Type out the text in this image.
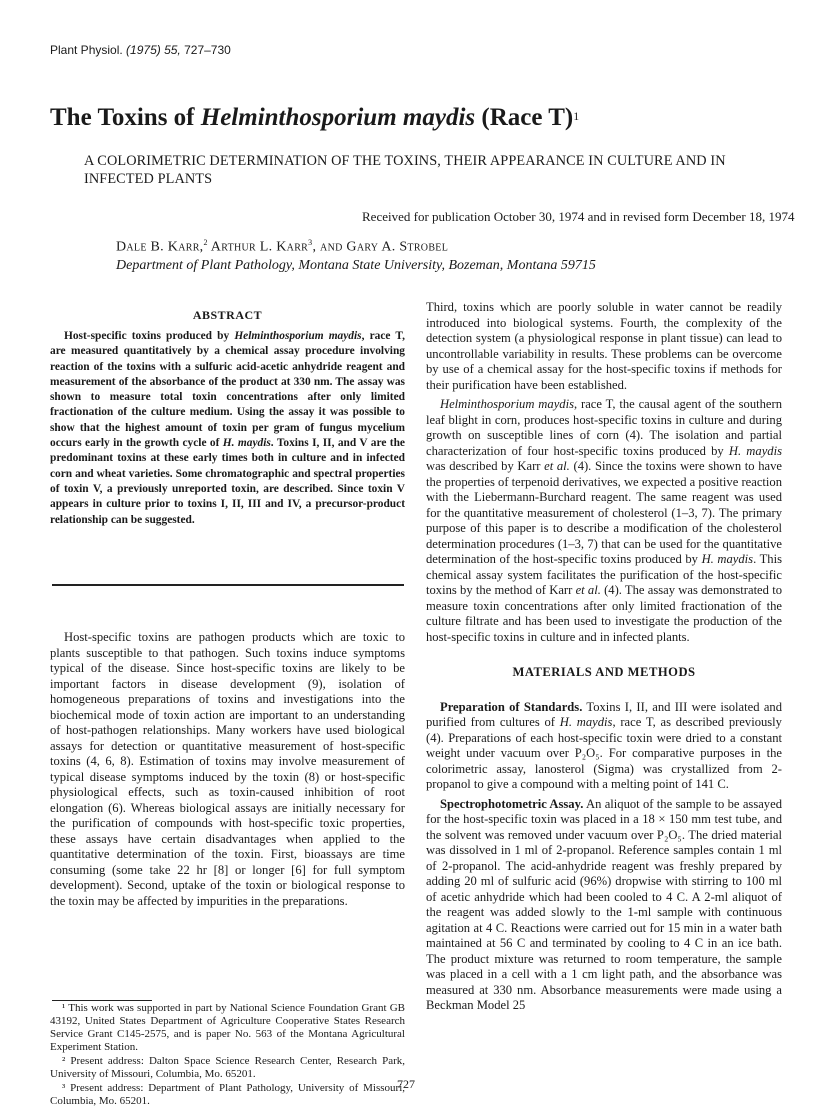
Plant Physiol. (1975) 55, 727–730
The Toxins of Helminthosporium maydis (Race T)$^1$
A COLORIMETRIC DETERMINATION OF THE TOXINS, THEIR APPEARANCE IN CULTURE AND IN INFECTED PLANTS
Received for publication October 30, 1974 and in revised form December 18, 1974
Dale B. Karr,$^2$ Arthur L. Karr$^3$, and Gary A. Strobel
Department of Plant Pathology, Montana State University, Bozeman, Montana 59715
ABSTRACT

Host-specific toxins produced by Helminthosporium maydis, race T, are measured quantitatively by a chemical assay procedure involving reaction of the toxins with a sulfuric acid-acetic anhydride reagent and measurement of the absorbance of the product at 330 nm. The assay was shown to measure total toxin concentrations after only limited fractionation of the culture medium. Using the assay it was possible to show that the highest amount of toxin per gram of fungus mycelium occurs early in the growth cycle of H. maydis. Toxins I, II, and V are the predominant toxins at these early times both in culture and in infected corn and wheat varieties. Some chromatographic and spectral properties of toxin V, a previously unreported toxin, are described. Since toxin V appears in culture prior to toxins I, II, III and IV, a precursor-product relationship can be suggested.

Host-specific toxins are pathogen products which are toxic to plants susceptible to that pathogen. Such toxins induce symptoms typical of the disease. Since host-specific toxins are likely to be important factors in disease development (9), isolation of homogeneous preparations of toxins and investigations into the biochemical mode of toxin action are important to an understanding of host-pathogen relationships. Many workers have used biological assays for detection or quantitative measurement of host-specific toxins (4, 6, 8). Estimation of toxins may involve measurement of typical disease symptoms induced by the toxin (8) or host-specific physiological effects, such as toxin-caused inhibition of root elongation (6). Whereas biological assays are initially necessary for the purification of compounds with host-specific toxic properties, these assays have certain disadvantages when applied to the quantitative determination of the toxin. First, bioassays are time consuming (some take 22 hr [8] or longer [6] for full symptom development). Second, uptake of the toxin or biological response to the toxin may be affected by impurities in the preparations.

Third, toxins which are poorly soluble in water cannot be readily introduced into biological systems. Fourth, the complexity of the detection system (a physiological response in plant tissue) can lead to uncontrollable variability in results. These problems can be overcome by use of a chemical assay for the host-specific toxins if methods for their purification have been established.

Helminthosporium maydis, race T, the causal agent of the southern leaf blight in corn, produces host-specific toxins in culture and during growth on susceptible lines of corn (4). The isolation and partial characterization of four host-specific toxins produced by H. maydis was described by Karr et al. (4). Since the toxins were shown to have the properties of terpenoid derivatives, we expected a positive reaction with the Liebermann-Burchard reagent. The same reagent was used for the quantitative measurement of cholesterol (1–3, 7). The primary purpose of this paper is to describe a modification of the cholesterol determination procedures (1–3, 7) that can be used for the quantitative determination of the host-specific toxins produced by H. maydis. This chemical assay system facilitates the purification of the host-specific toxins by the method of Karr et al. (4). The assay was demonstrated to measure toxin concentrations after only limited fractionation of the culture filtrate and has been used to investigate the production of the host-specific toxins in culture and in infected plants.

MATERIALS AND METHODS

Preparation of Standards. Toxins I, II, and III were isolated and purified from cultures of H. maydis, race T, as described previously (4). Preparations of each host-specific toxin were dried to a constant weight under vacuum over P₂O₅. For comparative purposes in the colorimetric assay, lanosterol (Sigma) was crystallized from 2-propanol to give a compound with a melting point of 141 C.

Spectrophotometric Assay. An aliquot of the sample to be assayed for the host-specific toxin was placed in a 18 × 150 mm test tube, and the solvent was removed under vacuum over P₂O₅. The dried material was dissolved in 1 ml of 2-propanol. Reference samples contain 1 ml of 2-propanol. The acid-anhydride reagent was freshly prepared by adding 20 ml of sulfuric acid (96%) dropwise with stirring to 100 ml of acetic anhydride which had been cooled to 4 C. A 2-ml aliquot of the reagent was added slowly to the 1-ml sample with continuous agitation at 4 C. Reactions were carried out for 15 min in a water bath maintained at 56 C and terminated by cooling to 4 C in an ice bath. The product mixture was returned to room temperature, the sample was placed in a cell with a 1 cm light path, and the absorbance was measured at 330 nm. Absorbance measurements were made using a Beckman Model 25

¹ This work was supported in part by National Science Foundation Grant GB 43192, United States Department of Agriculture Cooperative States Research Service Grant C145-2575, and is paper No. 563 of the Montana Agricultural Experiment Station.

² Present address: Dalton Space Science Research Center, Research Park, University of Missouri, Columbia, Mo. 65201.

³ Present address: Department of Plant Pathology, University of Missouri, Columbia, Mo. 65201.

727
